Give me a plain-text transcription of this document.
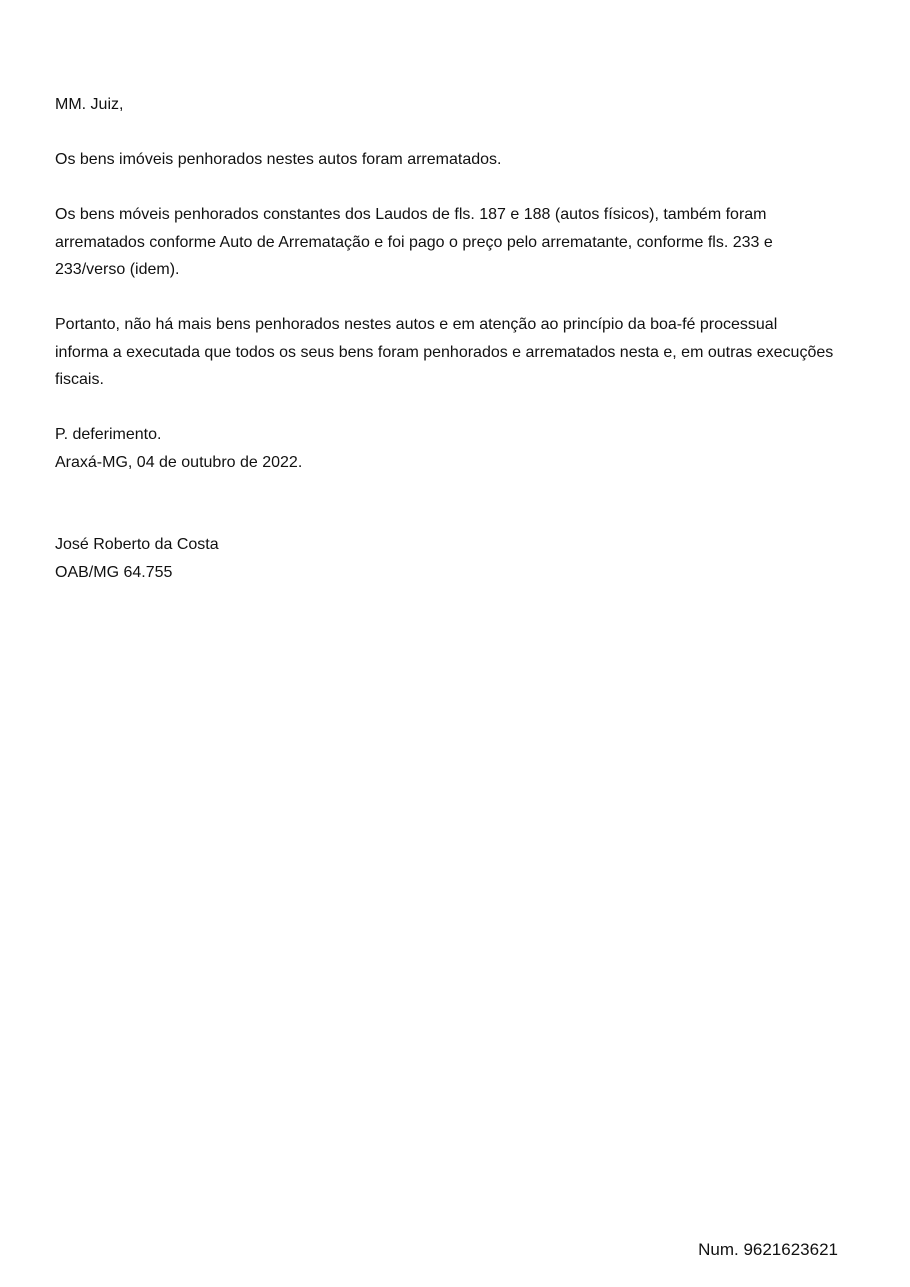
MM. Juiz,

Os bens imóveis penhorados nestes autos foram arrematados.

Os bens móveis penhorados constantes dos Laudos de fls. 187 e 188 (autos físicos), também foram arrematados conforme Auto de Arrematação e foi pago o preço pelo arrematante, conforme fls. 233 e 233/verso (idem).

Portanto, não há mais bens penhorados nestes autos e em atenção ao princípio da boa-fé processual informa a executada que todos os seus bens foram penhorados e arrematados nesta e, em outras execuções fiscais.

P. deferimento.

Araxá-MG, 04 de outubro de 2022.

José Roberto da Costa

OAB/MG 64.755

Num. 9621623621
